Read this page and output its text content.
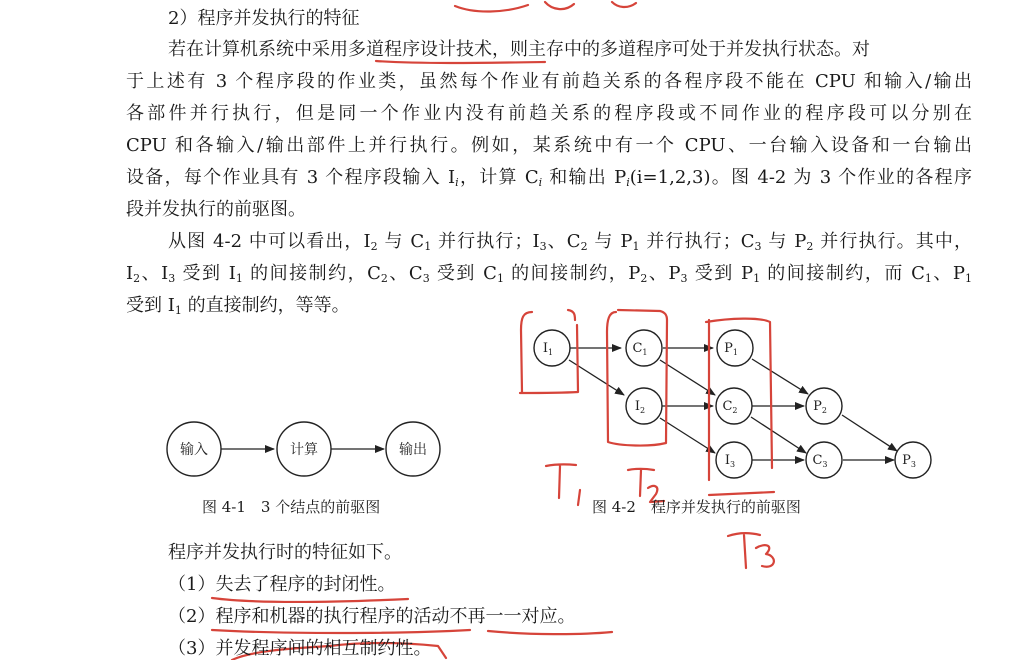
2）程序并发执行的特征
若在计算机系统中采用多道程序设计技术，则主存中的多道程序可处于并发执行状态。对
于上述有 3 个程序段的作业类，虽然每个作业有前趋关系的各程序段不能在 CPU 和输入/输出
各部件并行执行，但是同一个作业内没有前趋关系的程序段或不同作业的程序段可以分别在
CPU 和各输入/输出部件上并行执行。例如，某系统中有一个 CPU、一台输入设备和一台输出
设备，每个作业具有 3 个程序段输入 $I_i$，计算 $C_i$ 和输出 $P_i(i=1,2,3)$。图 4-2 为 3 个作业的各程序
段并发执行的前驱图。
从图 4-2 中可以看出，$I_2$ 与 $C_1$ 并行执行；$I_3$、$C_2$ 与 $P_1$ 并行执行；$C_3$ 与 $P_2$ 并行执行。其中，
$I_2$、$I_3$ 受到 $I_1$ 的间接制约，$C_2$、$C_3$ 受到 $C_1$ 的间接制约，$P_2$、$P_3$ 受到 $P_1$ 的间接制约，而 $C_1$、$P_1$
受到 $I_1$ 的直接制约，等等。
输入	计算	输出
$I_1$	$C_1$	$P_1$
$I_2$	$C_2$	$P_2$
$I_3$	$C_3$	$P_3$
图 4-1　3 个结点的前驱图	图 4-2　程序并发执行的前驱图
程序并发执行时的特征如下。
（1）失去了程序的封闭性。
（2）程序和机器的执行程序的活动不再一一对应。
（3）并发程序间的相互制约性。
